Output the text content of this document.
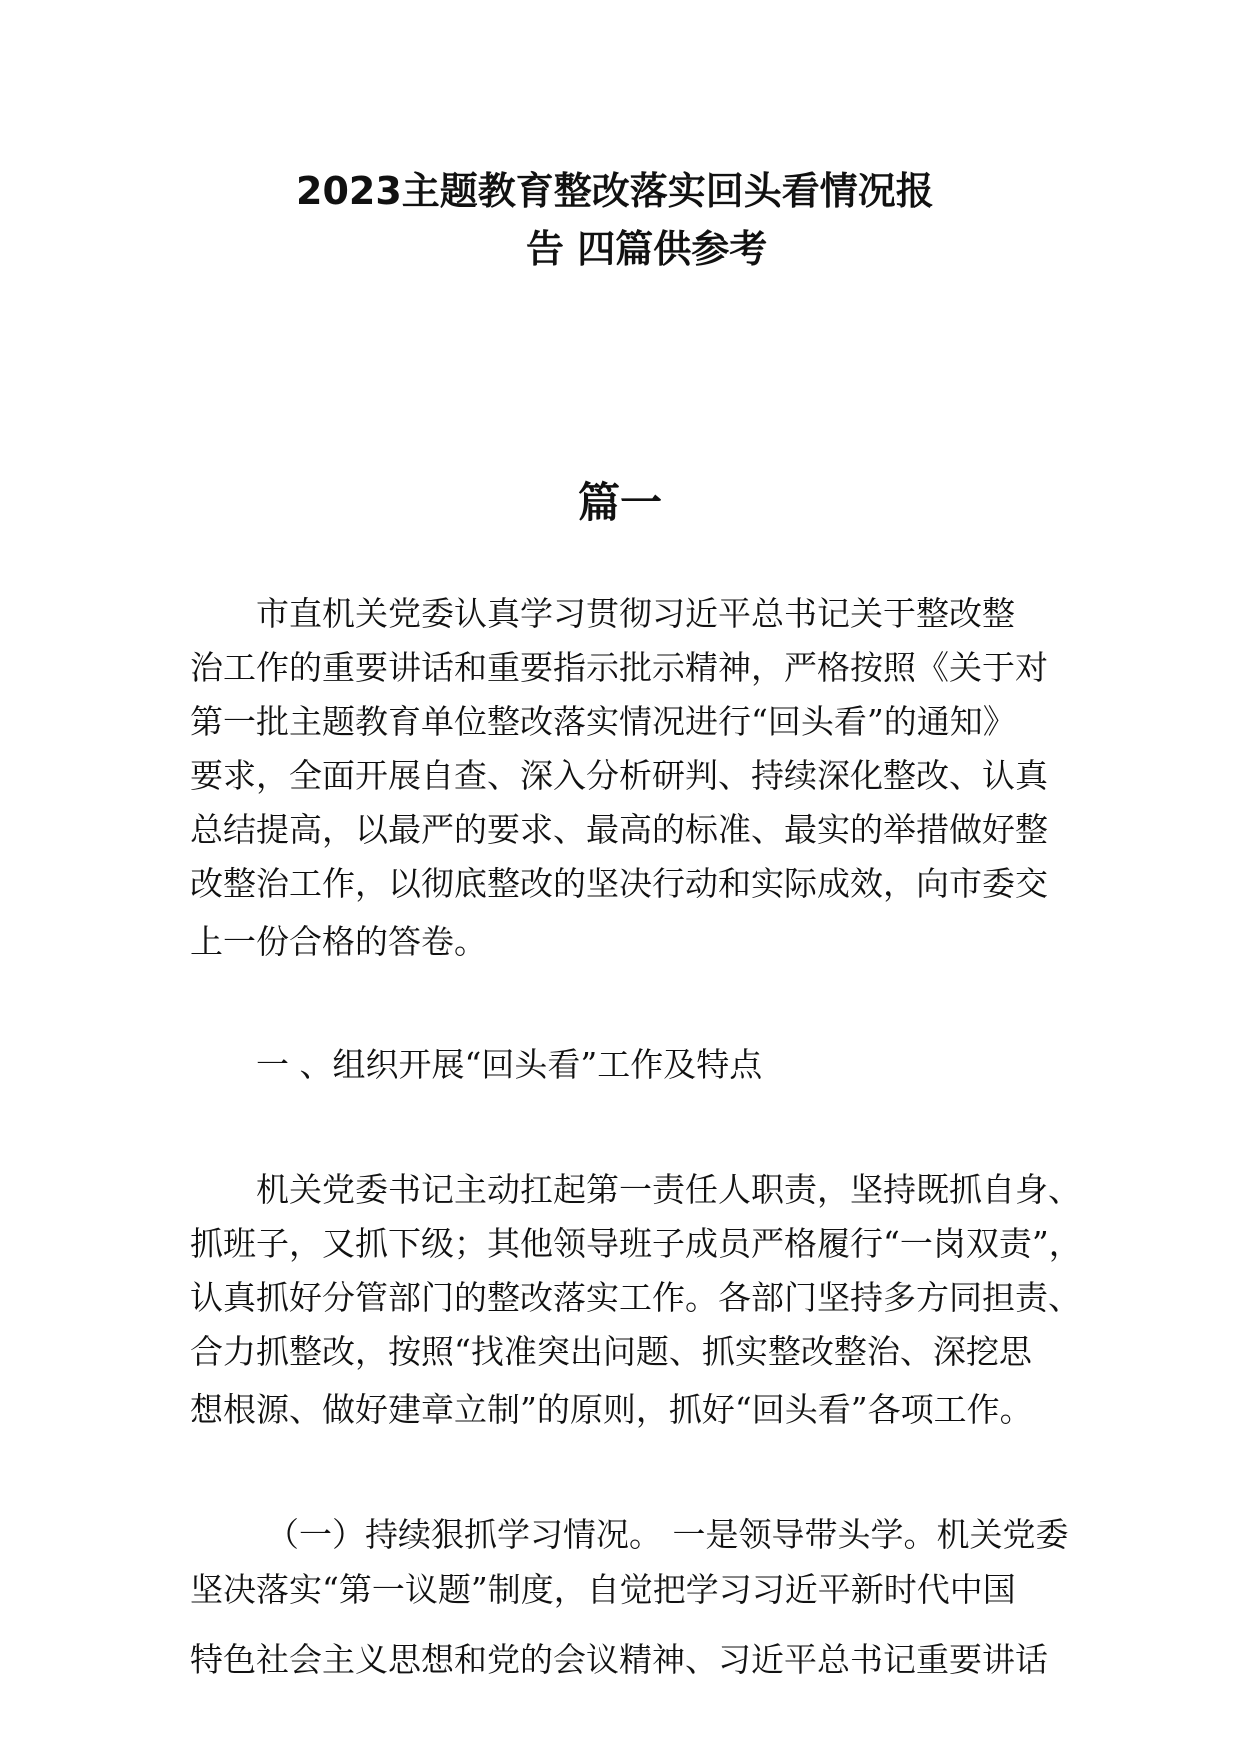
2023主题教育整改落实回头看情况报
告 四篇供参考
篇一
市直机关党委认真学习贯彻习近平总书记关于整改整
治工作的重要讲话和重要指示批示精神，严格按照《关于对
第一批主题教育单位整改落实情况进行“回头看”的通知》
要求，全面开展自查、深入分析研判、持续深化整改、认真
总结提高，以最严的要求、最高的标准、最实的举措做好整
改整治工作，以彻底整改的坚决行动和实际成效，向市委交
上一份合格的答卷。
一 、组织开展“回头看”工作及特点
机关党委书记主动扛起第一责任人职责，坚持既抓自身、
抓班子，又抓下级；其他领导班子成员严格履行“一岗双责”，
认真抓好分管部门的整改落实工作。各部门坚持多方同担责、
合力抓整改，按照“找准突出问题、抓实整改整治、深挖思
想根源、做好建章立制”的原则，抓好“回头看”各项工作。
（一）持续狠抓学习情况。 一是领导带头学。机关党委
坚决落实“第一议题”制度，自觉把学习习近平新时代中国
特色社会主义思想和党的会议精神、习近平总书记重要讲话
